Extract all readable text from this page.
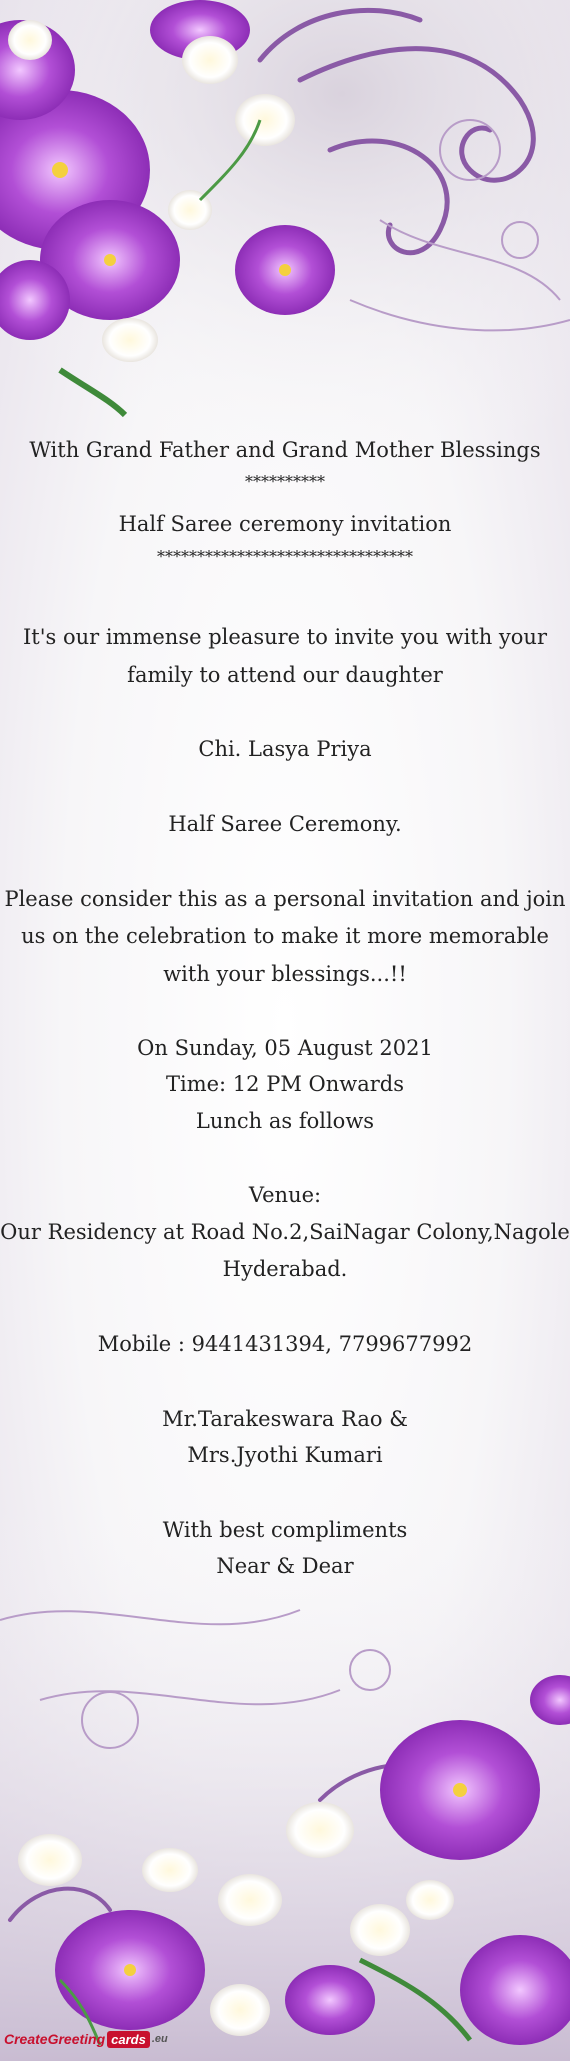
With Grand Father and Grand Mother Blessings
**********
Half Saree ceremony invitation
********************************
It's our immense pleasure to invite you with your
family to attend our daughter
Chi. Lasya Priya
Half Saree Ceremony.
Please consider this as a personal invitation and join
us on the celebration to make it more memorable
with your blessings...!!
On Sunday, 05 August 2021
Time: 12 PM Onwards
Lunch as follows
Venue:
Our Residency at Road No.2,SaiNagar Colony,Nagole
Hyderabad.
Mobile : 9441431394, 7799677992
Mr.Tarakeswara Rao &
Mrs.Jyothi Kumari
With best compliments
Near & Dear
CreateGreeting cards .eu
